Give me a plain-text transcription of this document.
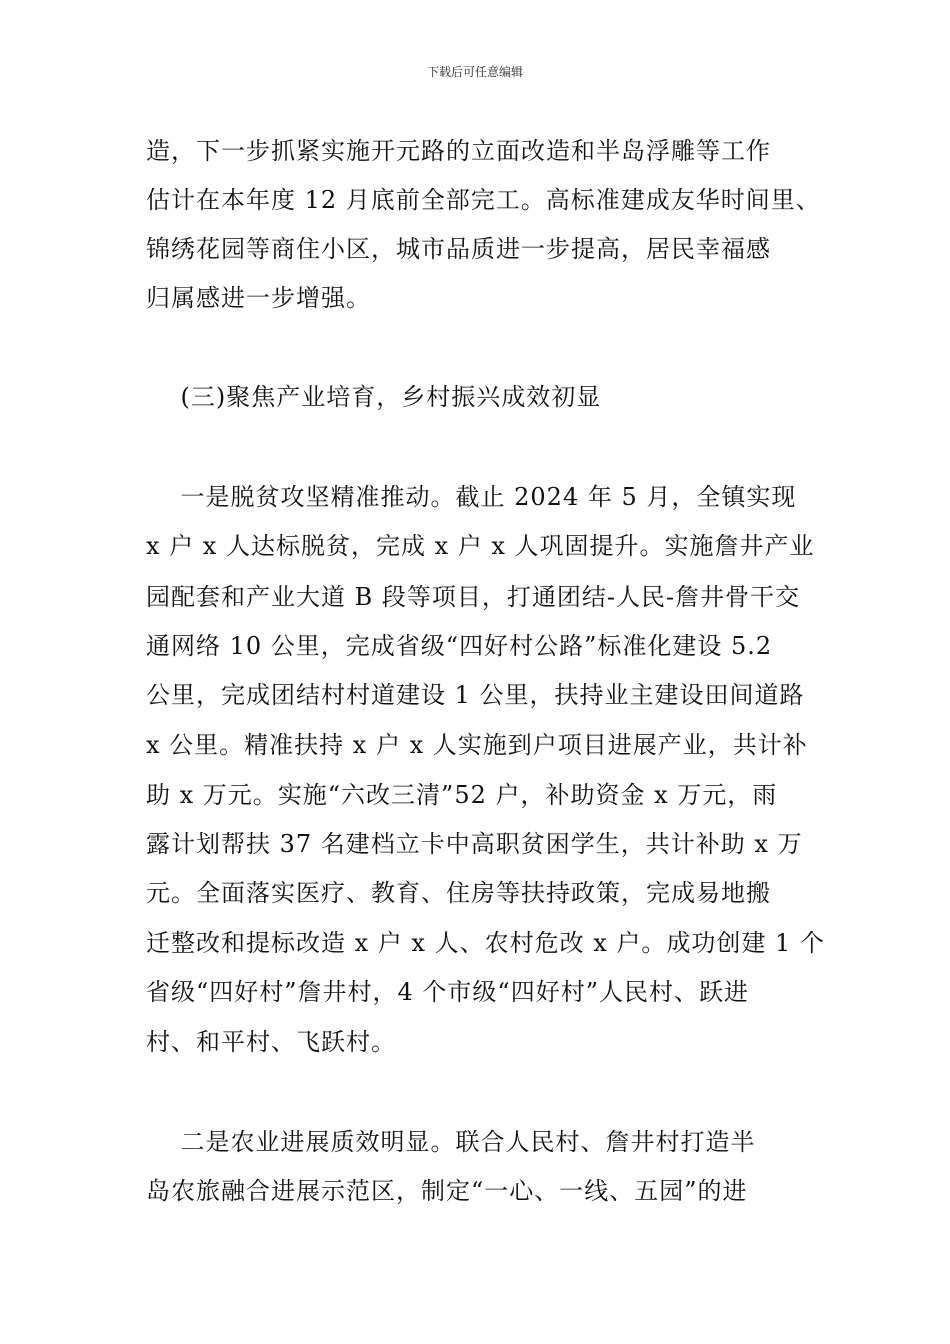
下载后可任意编辑
造，下一步抓紧实施开元路的立面改造和半岛浮雕等工作
估计在本年度 12 月底前全部完工。高标准建成友华时间里、
锦绣花园等商住小区，城市品质进一步提高，居民幸福感
归属感进一步增强。
(三)聚焦产业培育，乡村振兴成效初显
一是脱贫攻坚精准推动。截止 2024 年 5 月，全镇实现
x 户 x 人达标脱贫，完成 x 户 x 人巩固提升。实施詹井产业
园配套和产业大道 B 段等项目，打通团结-人民-詹井骨干交
通网络 10 公里，完成省级“四好村公路”标准化建设 5.2
公里，完成团结村村道建设 1 公里，扶持业主建设田间道路
x 公里。精准扶持 x 户 x 人实施到户项目进展产业，共计补
助 x 万元。实施“六改三清”52 户，补助资金 x 万元，雨
露计划帮扶 37 名建档立卡中高职贫困学生，共计补助 x 万
元。全面落实医疗、教育、住房等扶持政策，完成易地搬
迁整改和提标改造 x 户 x 人、农村危改 x 户。成功创建 1 个
省级“四好村”詹井村，4 个市级“四好村”人民村、跃进
村、和平村、飞跃村。
二是农业进展质效明显。联合人民村、詹井村打造半
岛农旅融合进展示范区，制定“一心、一线、五园”的进
